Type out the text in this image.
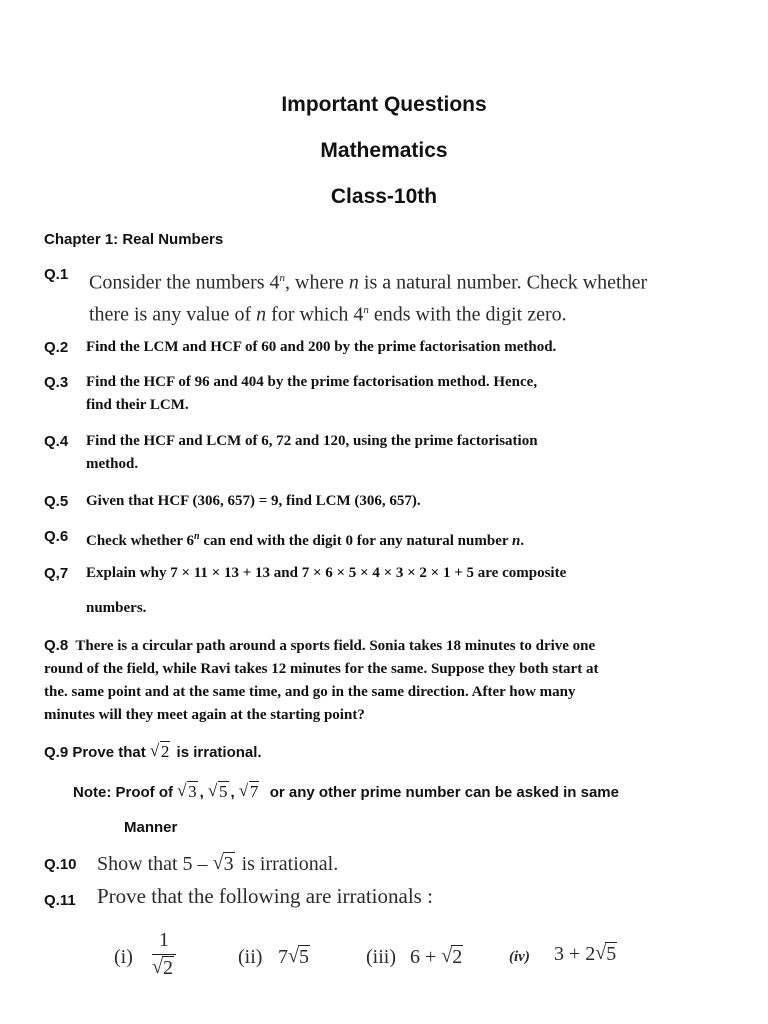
Important Questions
Mathematics
Class-10th
Chapter 1: Real Numbers
Q.1 Consider the numbers 4$^n$, where n is a natural number. Check whether
there is any value of n for which 4$^n$ ends with the digit zero.
Q.2 Find the LCM and HCF of 60 and 200 by the prime factorisation method.
Q.3 Find the HCF of 96 and 404 by the prime factorisation method. Hence,
find their LCM.
Q.4 Find the HCF and LCM of 6, 72 and 120, using the prime factorisation
method.
Q.5 Given that HCF (306, 657) = 9, find LCM (306, 657).
Q.6 Check whether 6$^n$ can end with the digit 0 for any natural number n.
Q,7 Explain why 7 × 11 × 13 + 13 and 7 × 6 × 5 × 4 × 3 × 2 × 1 + 5 are composite
numbers.
Q.8 There is a circular path around a sports field. Sonia takes 18 minutes to drive one
round of the field, while Ravi takes 12 minutes for the same. Suppose they both start at
the. same point and at the same time, and go in the same direction. After how many
minutes will they meet again at the starting point?
Q.9 Prove that √ 2 is irrational.
Note: Proof of √ 3 , √ 5 , √ 7 or any other prime number can be asked in same
Manner
Q.10 Show that 5 – √ 3 is irrational.
Q.11 Prove that the following are irrationals :
$(i) \frac{1}{√ 2}$	(ii) 7 √ 5	(iii) 6 + √ 2	(iv) 3 + 2 √ 5
